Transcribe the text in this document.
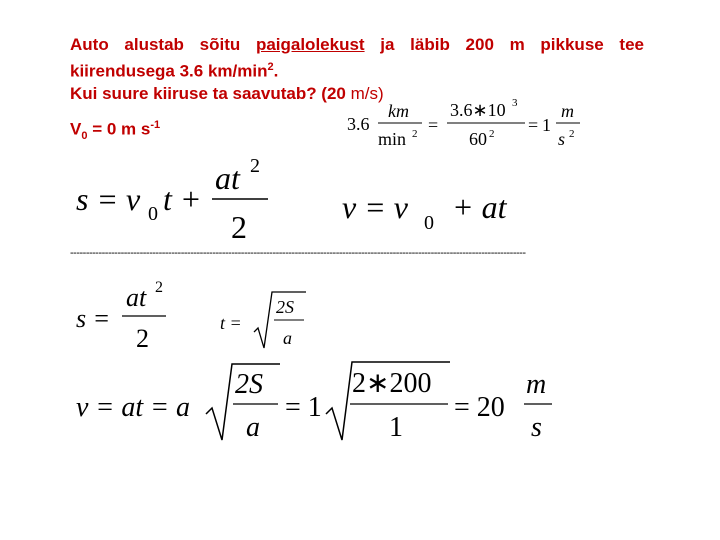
Auto alustab sõitu paigalolekust ja läbib 200 m pikkuse tee
kiirendusega 3.6 $km/\min^2$.
Kui suure kiiruse ta saavutab? (20 m/s)
$V_0 = 0$ m $s^{-1}$
------------------------------------------------------------------------------------------------------------------------------------------------
3.6
km
min 2 =
3.6∗10 3
60 2 = 1
m
s 2
s = v 0 t +
at 2
2
v = v 0 + at
s =
at 2
2
t =
2S
a
v = at = a
2S
a
= 1
2∗200
1
= 20
m
s
